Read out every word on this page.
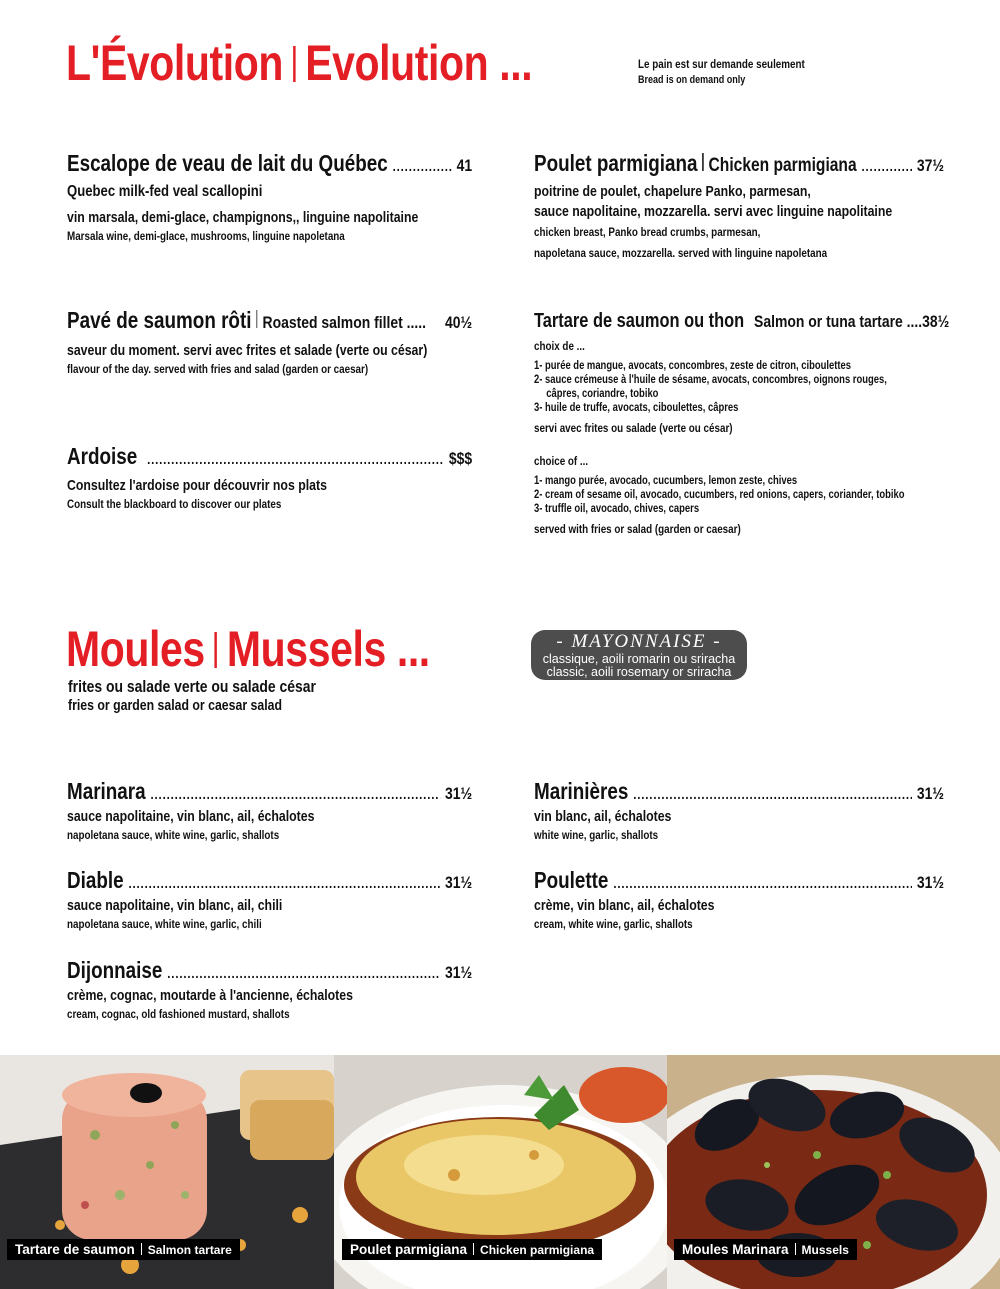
L'Évolution Evolution ...	Le pain est sur demande seulement
Bread is on demand only
Escalope de veau de lait du Québec .....	41
Quebec milk-fed veal scallopini
vin marsala, demi-glace, champignons,, linguine napolitaine
Marsala wine, demi-glace, mushrooms, linguine napoletana
Poulet parmigiana Chicken parmigiana .....	37½
poitrine de poulet, chapelure Panko, parmesan,
sauce napolitaine, mozzarella. servi avec linguine napolitaine
chicken breast, Panko bread crumbs, parmesan,
napoletana sauce, mozzarella. served with linguine napoletana
Pavé de saumon rôti Roasted salmon fillet ..... 40½
saveur du moment. servi avec frites et salade (verte ou césar)
flavour of the day. served with fries and salad (garden or caesar)
Tartare de saumon ou thon Salmon or tuna tartare .... 38½
choix de ...
1- purée de mangue, avocats, concombres, zeste de citron, ciboulettes
2- sauce crémeuse à l'huile de sésame, avocats, concombres, oignons rouges,
câpres, coriandre, tobiko
3- huile de truffe, avocats, ciboulettes, câpres
servi avec frites ou salade (verte ou césar)
choice of ...
1- mango purée, avocado, cucumbers, lemon zeste, chives
2- cream of sesame oil, avocado, cucumbers, red onions, capers, coriander, tobiko
3- truffle oil, avocado, chives, capers
served with fries or salad (garden or caesar)
Ardoise .....	$$$
Consultez l'ardoise pour découvrir nos plats
Consult the blackboard to discover our plates
Moules Mussels ...
frites ou salade verte ou salade césar
fries or garden salad or caesar salad
- MAYONNAISE -
classique, aoili romarin ou sriracha
classic, aoili rosemary or sriracha
Marinara .....	31½
sauce napolitaine, vin blanc, ail, échalotes
napoletana sauce, white wine, garlic, shallots
Diable .....	31½
sauce napolitaine, vin blanc, ail, chili
napoletana sauce, white wine, garlic, chili
Dijonnaise .....	31½
crème, cognac, moutarde à l'ancienne, échalotes
cream, cognac, old fashioned mustard, shallots
Marinières .....	31½
vin blanc, ail, échalotes
white wine, garlic, shallots
Poulette .....	31½
crème, vin blanc, ail, échalotes
cream, white wine, garlic, shallots
Tartare de saumon Salmon tartare	Poulet parmigiana Chicken parmigiana	Moules Marinara Mussels
